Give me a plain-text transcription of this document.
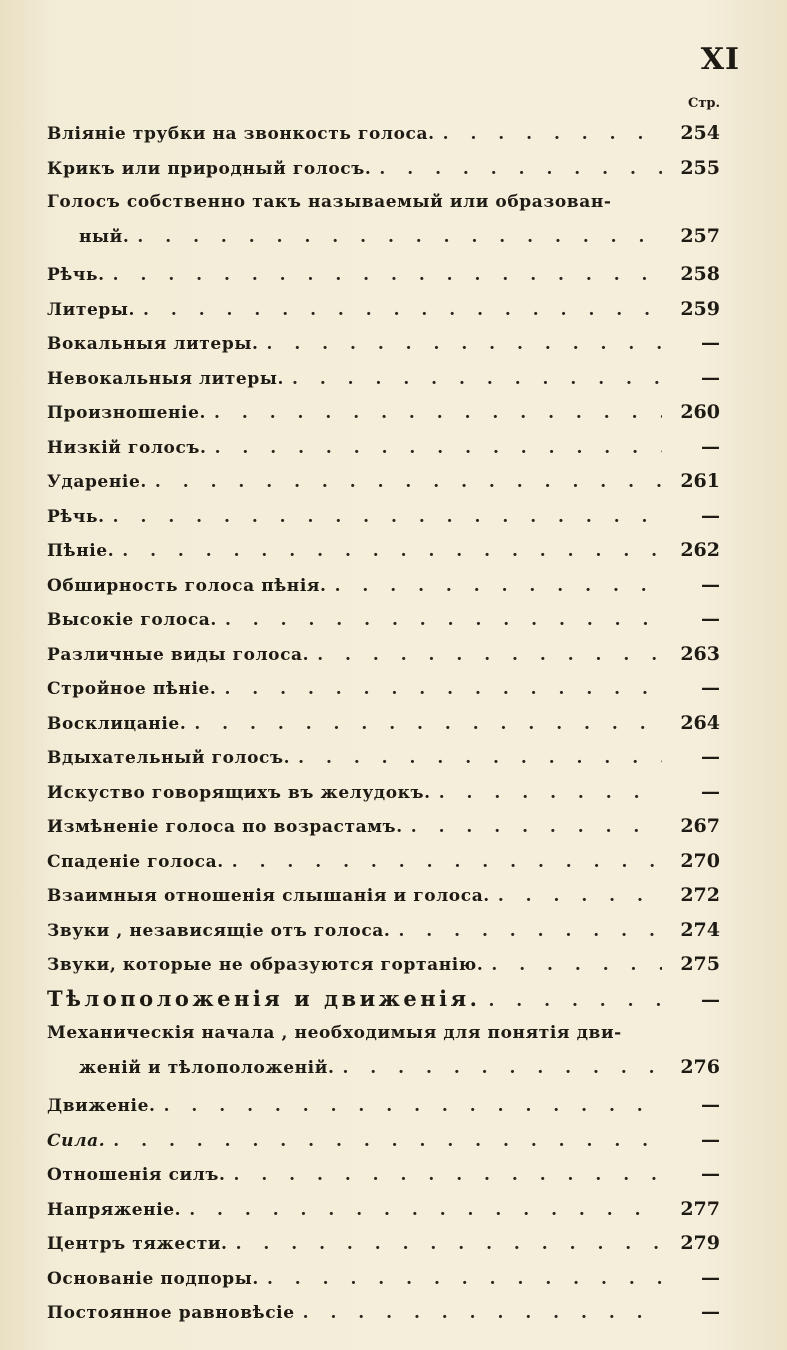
XI
Стр.
Влiянiе трубки на звонкость голоса. . . .	254
Крикъ или природный голосъ. . . .	255
Голосъ собственно такъ называемый или образован-
ный. . . .	257
Рѣчь. . . .	258
Литеры. . . .	259
Вокальныя литеры. . . .	—
Невокальныя литеры. . . .	—
Произношенiе. . . .	260
Низкiй голосъ. . . .	—
Ударенiе. . . .	261
Рѣчь. . . .	—
Пѣнiе. . . .	262
Обширность голоса пѣнiя. . . .	—
Высокiе голоса. . . .	—
Различные виды голоса. . . .	263
Стройное пѣнiе. . . .	—
Восклицанiе. . . .	264
Вдыхательный голосъ. . . .	—
Искуство говорящихъ въ желудокъ. . . .	—
Измѣненiе голоса по возрастамъ. . . .	267
Спаденiе голоса. . . .	270
Взаимныя отношенiя слышанiя и голоса. . . .	272
Звуки , независящiе отъ голоса. . . .	274
Звуки, которые не образуются гортанiю. . . .	275
Тѣлоположенiя и движенiя. . . .	—
Механическiя начала , необходимыя для понятiя дви-
женiй и тѣлоположенiй. . . .	276
Движенiе. . . .	—
Сила. . . .	—
Отношенiя силъ. . . .	—
Напряженiе. . . .	277
Центръ тяжести. . . .	279
Основанiе подпоры. . . .	—
Постоянное равновѣсiе . . .	—
